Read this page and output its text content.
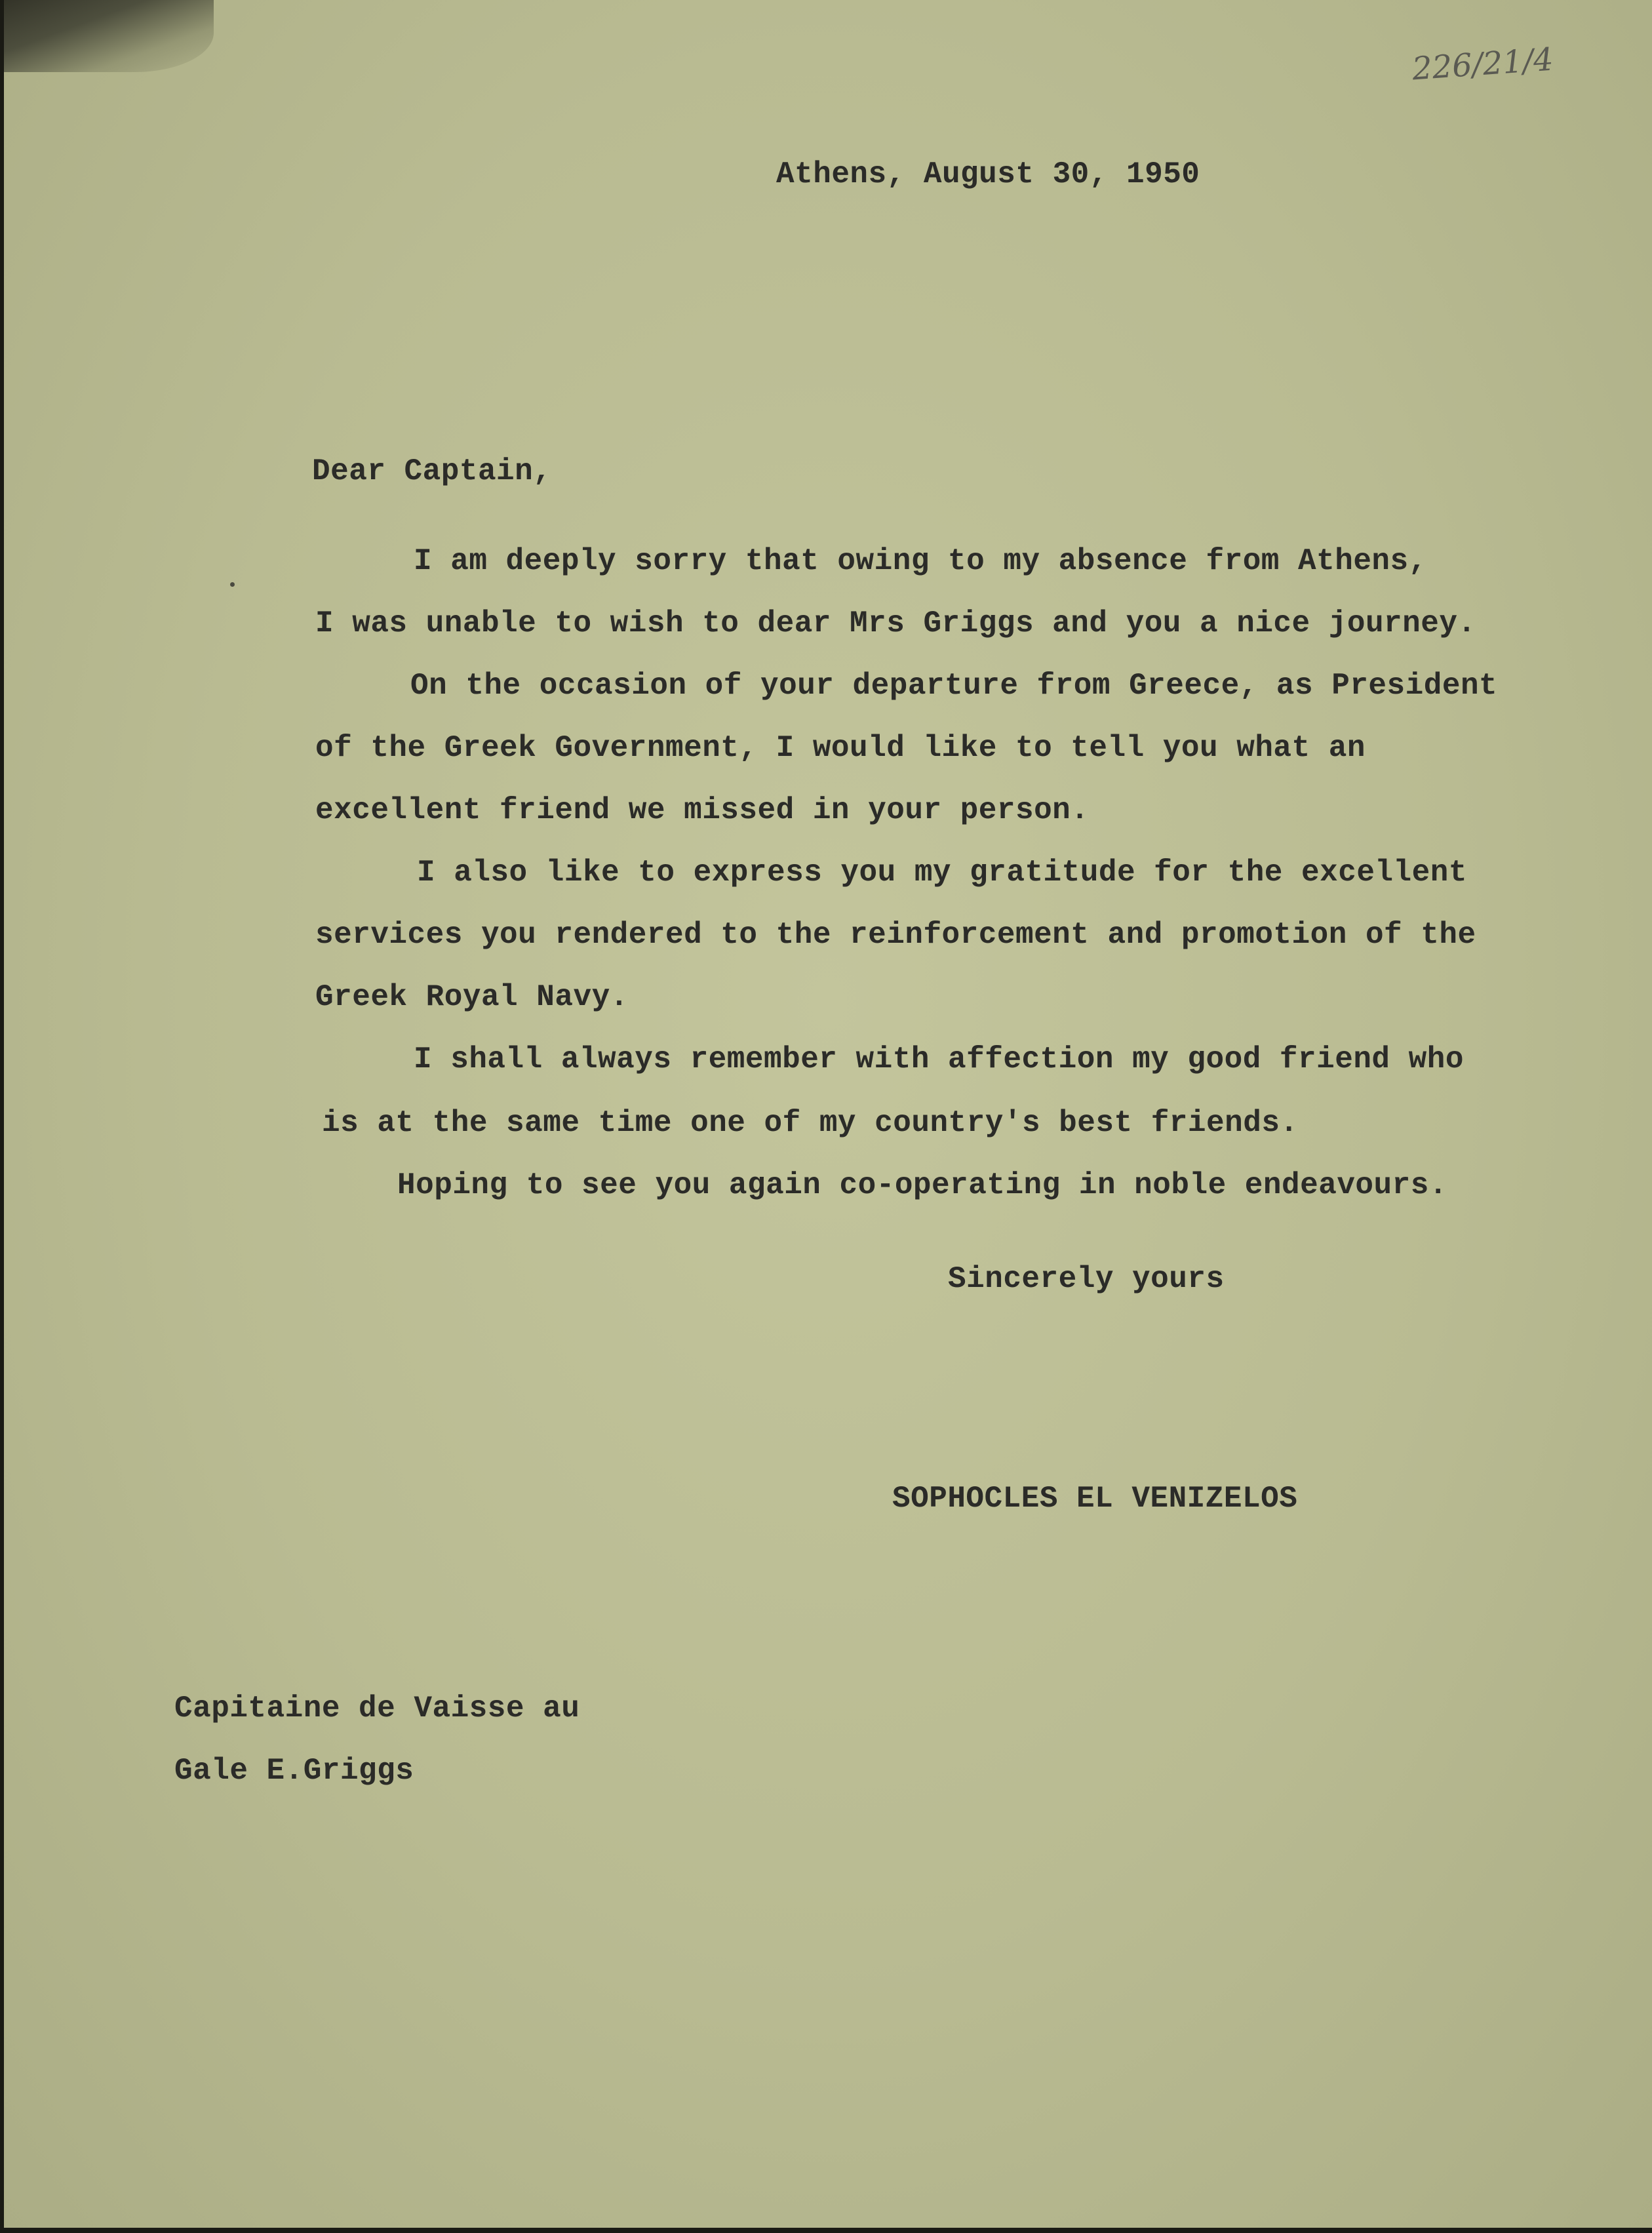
226/21/4
Athens, August 30, 1950
Dear Captain,
I am deeply sorry that owing to my absence from Athens,
I was unable to wish to dear Mrs Griggs and you a nice journey.
On the occasion of your departure from Greece, as President
of the Greek Government, I would like to tell you what an
excellent friend we missed in your person.
I also like to express you my gratitude for the excellent
services you rendered to the reinforcement and promotion of the
Greek Royal Navy.
I shall always remember with affection my good friend who
is at the same time one of my country's best friends.
Hoping to see you again co-operating in noble endeavours.
Sincerely yours
SOPHOCLES EL VENIZELOS
Capitaine de Vaisse au
Gale E.Griggs
